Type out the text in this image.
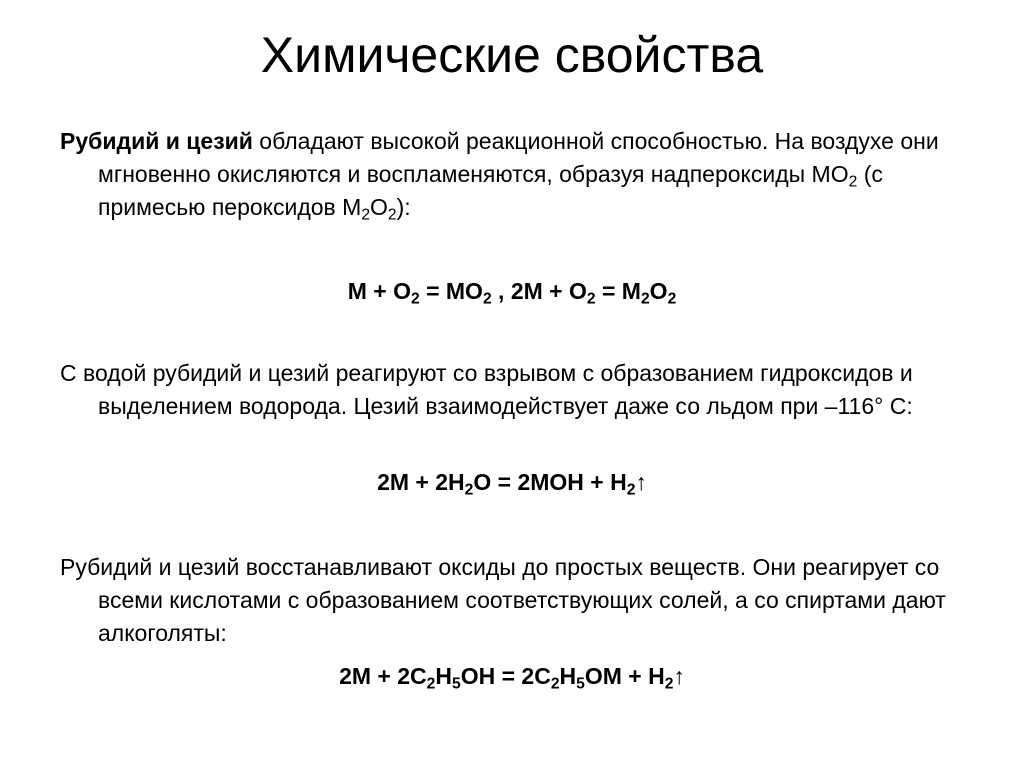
Химические свойства
Рубидий и цезий обладают высокой реакционной способностью. На воздухе они мгновенно окисляются и воспламеняются, образуя надпероксиды $МО_2$ (с примесью пероксидов $М_2О_2$):
$M + O_2 = MO_2$ , $2M + O_2 = M_2O_2$
С водой рубидий и цезий реагируют со взрывом с образованием гидроксидов и выделением водорода. Цезий взаимодействует даже со льдом при –116° С:
$2M + 2H_2O = 2MOH$ + $H_2↑$
Рубидий и цезий восстанавливают оксиды до простых веществ. Они реагирует со всеми кислотами с образованием соответствующих солей, а со спиртами дают алкоголяты:
$2M + 2C_2H_5OH = 2C_2H_5OM$ + $H_2↑$
